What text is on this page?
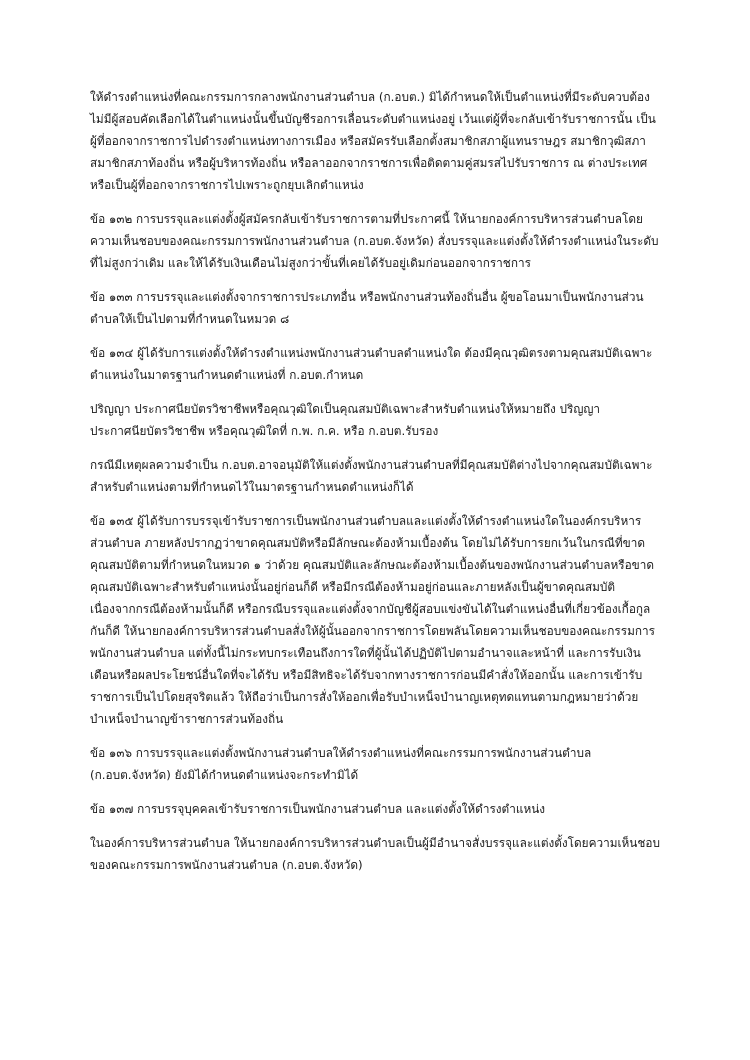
ให้ดำรงตำแหน่งที่คณะกรรมการกลางพนักงานส่วนตำบล (ก.อบต.) มิได้กำหนดให้เป็นตำแหน่งที่มีระดับควบต้องไม่มีผู้สอบคัดเลือกได้ในตำแหน่งนั้นขึ้นบัญชีรอการเลื่อนระดับตำแหน่งอยู่ เว้นแต่ผู้ที่จะกลับเข้ารับราชการนั้น เป็นผู้ที่ออกจากราชการไปดำรงตำแหน่งทางการเมือง หรือสมัครรับเลือกตั้งสมาชิกสภาผู้แทนราษฎร สมาชิกวุฒิสภา สมาชิกสภาท้องถิ่น หรือผู้บริหารท้องถิ่น หรือลาออกจากราชการเพื่อติดตามคู่สมรสไปรับราชการ ณ ต่างประเทศ หรือเป็นผู้ที่ออกจากราชการไปเพราะถูกยุบเลิกตำแหน่ง

ข้อ ๑๓๒ การบรรจุและแต่งตั้งผู้สมัครกลับเข้ารับราชการตามที่ประกาศนี้ ให้นายกองค์การบริหารส่วนตำบลโดยความเห็นชอบของคณะกรรมการพนักงานส่วนตำบล (ก.อบต.จังหวัด) สั่งบรรจุและแต่งตั้งให้ดำรงตำแหน่งในระดับที่ไม่สูงกว่าเดิม และให้ได้รับเงินเดือนไม่สูงกว่าขั้นที่เคยได้รับอยู่เดิมก่อนออกจากราชการ

ข้อ ๑๓๓ การบรรจุและแต่งตั้งจากราชการประเภทอื่น หรือพนักงานส่วนท้องถิ่นอื่น ผู้ขอโอนมาเป็นพนักงานส่วนตำบลให้เป็นไปตามที่กำหนดในหมวด ๘

ข้อ ๑๓๔ ผู้ได้รับการแต่งตั้งให้ดำรงตำแหน่งพนักงานส่วนตำบลตำแหน่งใด ต้องมีคุณวุฒิตรงตามคุณสมบัติเฉพาะตำแหน่งในมาตรฐานกำหนดตำแหน่งที่ ก.อบต.กำหนด

ปริญญา ประกาศนียบัตรวิชาชีพหรือคุณวุฒิใดเป็นคุณสมบัติเฉพาะสำหรับตำแหน่งให้หมายถึง ปริญญาประกาศนียบัตรวิชาชีพ หรือคุณวุฒิใดที่ ก.พ. ก.ค. หรือ ก.อบต.รับรอง

กรณีมีเหตุผลความจำเป็น ก.อบต.อาจอนุมัติให้แต่งตั้งพนักงานส่วนตำบลที่มีคุณสมบัติต่างไปจากคุณสมบัติเฉพาะสำหรับตำแหน่งตามที่กำหนดไว้ในมาตรฐานกำหนดตำแหน่งก็ได้

ข้อ ๑๓๕ ผู้ได้รับการบรรจุเข้ารับราชการเป็นพนักงานส่วนตำบลและแต่งตั้งให้ดำรงตำแหน่งใดในองค์กรบริหารส่วนตำบล ภายหลังปรากฏว่าขาดคุณสมบัติหรือมีลักษณะต้องห้ามเบื้องต้น โดยไม่ได้รับการยกเว้นในกรณีที่ขาดคุณสมบัติตามที่กำหนดในหมวด ๑ ว่าด้วย คุณสมบัติและลักษณะต้องห้ามเบื้องต้นของพนักงานส่วนตำบลหรือขาดคุณสมบัติเฉพาะสำหรับตำแหน่งนั้นอยู่ก่อนก็ดี หรือมีกรณีต้องห้ามอยู่ก่อนและภายหลังเป็นผู้ขาดคุณสมบัติเนื่องจากกรณีต้องห้ามนั้นก็ดี หรือกรณีบรรจุและแต่งตั้งจากบัญชีผู้สอบแข่งขันได้ในตำแหน่งอื่นที่เกี่ยวข้องเกื้อกูลกันก็ดี ให้นายกองค์การบริหารส่วนตำบลสั่งให้ผู้นั้นออกจากราชการโดยพลันโดยความเห็นชอบของคณะกรรมการพนักงานส่วนตำบล แต่ทั้งนี้ไม่กระทบกระเทือนถึงการใดที่ผู้นั้นได้ปฏิบัติไปตามอำนาจและหน้าที่ และการรับเงินเดือนหรือผลประโยชน์อื่นใดที่จะได้รับ หรือมีสิทธิจะได้รับจากทางราชการก่อนมีคำสั่งให้ออกนั้น และการเข้ารับราชการเป็นไปโดยสุจริตแล้ว ให้ถือว่าเป็นการสั่งให้ออกเพื่อรับบำเหน็จบำนาญเหตุทดแทนตามกฎหมายว่าด้วยบำเหน็จบำนาญข้าราชการส่วนท้องถิ่น

ข้อ ๑๓๖ การบรรจุและแต่งตั้งพนักงานส่วนตำบลให้ดำรงตำแหน่งที่คณะกรรมการพนักงานส่วนตำบล (ก.อบต.จังหวัด) ยังมิได้กำหนดตำแหน่งจะกระทำมิได้

ข้อ ๑๓๗ การบรรจุบุคคลเข้ารับราชการเป็นพนักงานส่วนตำบล และแต่งตั้งให้ดำรงตำแหน่ง

ในองค์การบริหารส่วนตำบล ให้นายกองค์การบริหารส่วนตำบลเป็นผู้มีอำนาจสั่งบรรจุและแต่งตั้งโดยความเห็นชอบของคณะกรรมการพนักงานส่วนตำบล (ก.อบต.จังหวัด)
